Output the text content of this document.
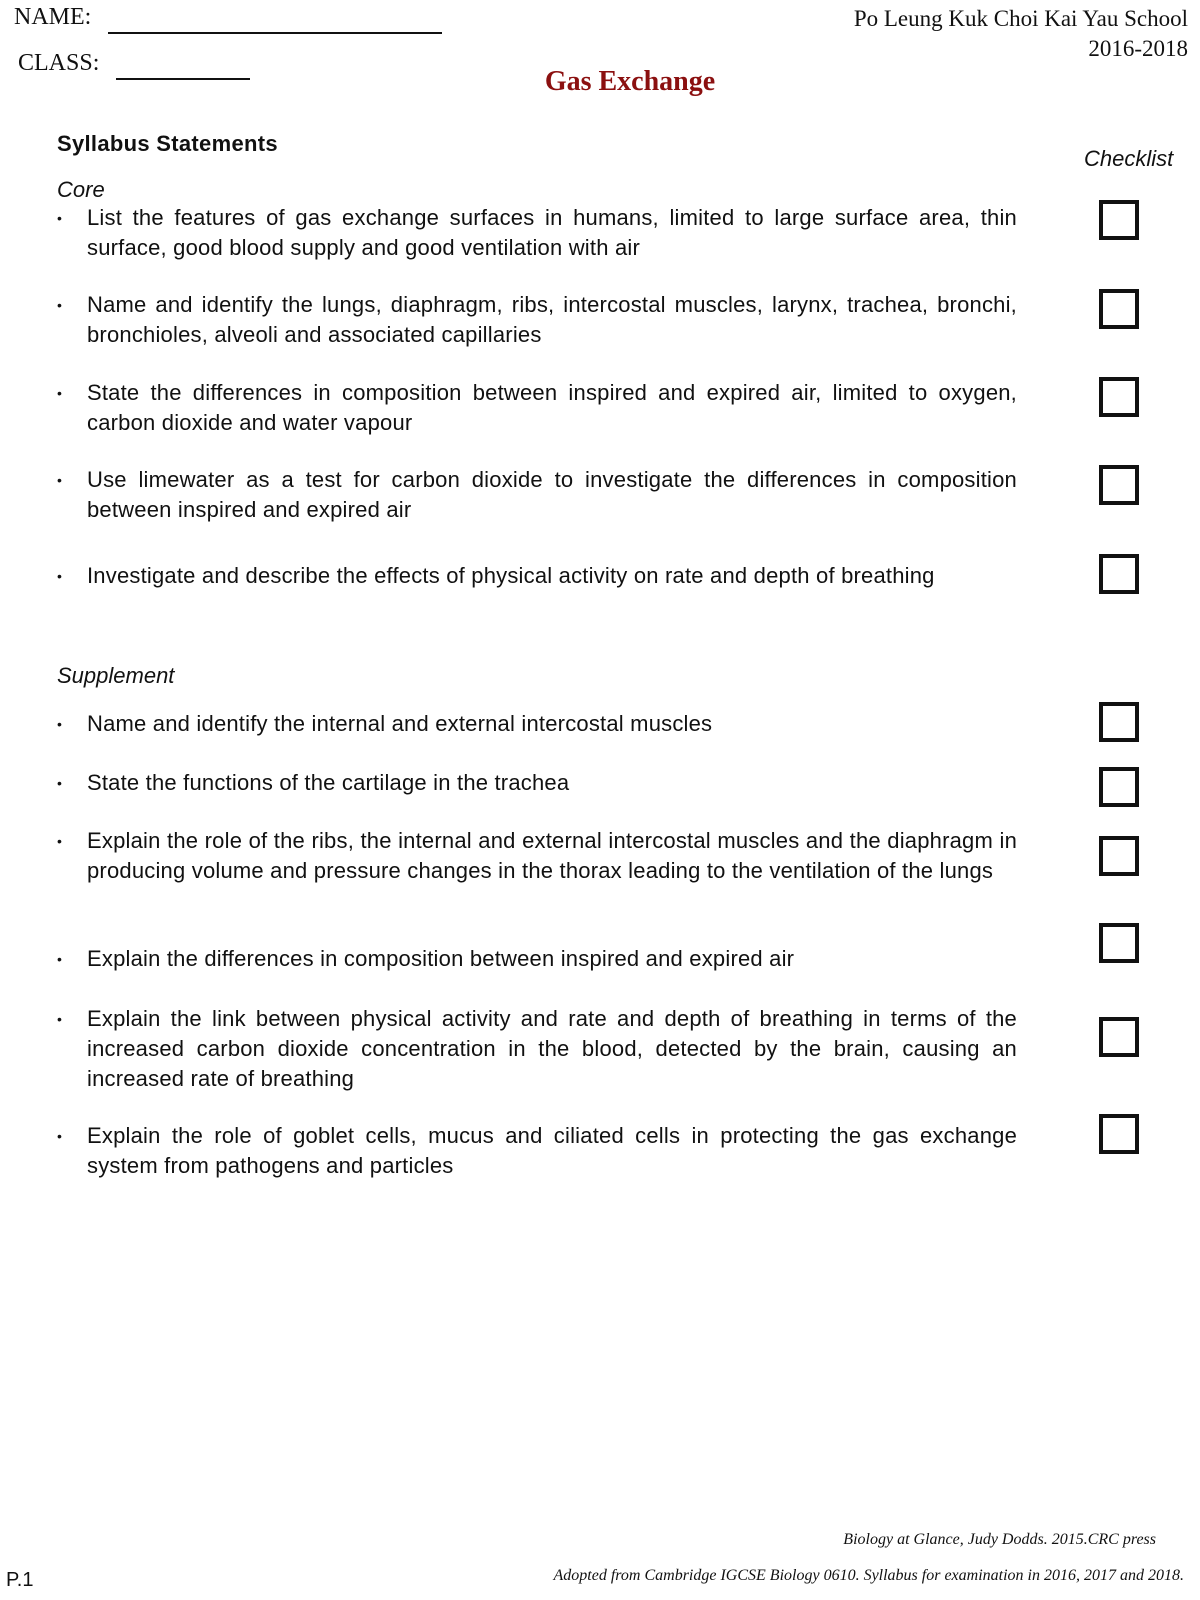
NAME:
CLASS:
Po Leung Kuk Choi Kai Yau School
2016-2018
Gas Exchange
Syllabus Statements
Checklist
Core
•	List the features of gas exchange surfaces in humans, limited to large surface area, thin surface, good blood supply and good ventilation with air
•	Name and identify the lungs, diaphragm, ribs, intercostal muscles, larynx, trachea, bronchi, bronchioles, alveoli and associated capillaries
•	State the differences in composition between inspired and expired air, limited to oxygen, carbon dioxide and water vapour
•	Use limewater as a test for carbon dioxide to investigate the differences in composition between inspired and expired air
•	Investigate and describe the effects of physical activity on rate and depth of breathing
Supplement
•	Name and identify the internal and external intercostal muscles
•	State the functions of the cartilage in the trachea
•	Explain the role of the ribs, the internal and external intercostal muscles and the diaphragm in producing volume and pressure changes in the thorax leading to the ventilation of the lungs
•	Explain the differences in composition between inspired and expired air
•	Explain the link between physical activity and rate and depth of breathing in terms of the increased carbon dioxide concentration in the blood, detected by the brain, causing an increased rate of breathing
•	Explain the role of goblet cells, mucus and ciliated cells in protecting the gas exchange system from pathogens and particles
Biology at Glance, Judy Dodds. 2015.CRC press
Adopted from Cambridge IGCSE Biology 0610. Syllabus for examination in 2016, 2017 and 2018.
P.1
